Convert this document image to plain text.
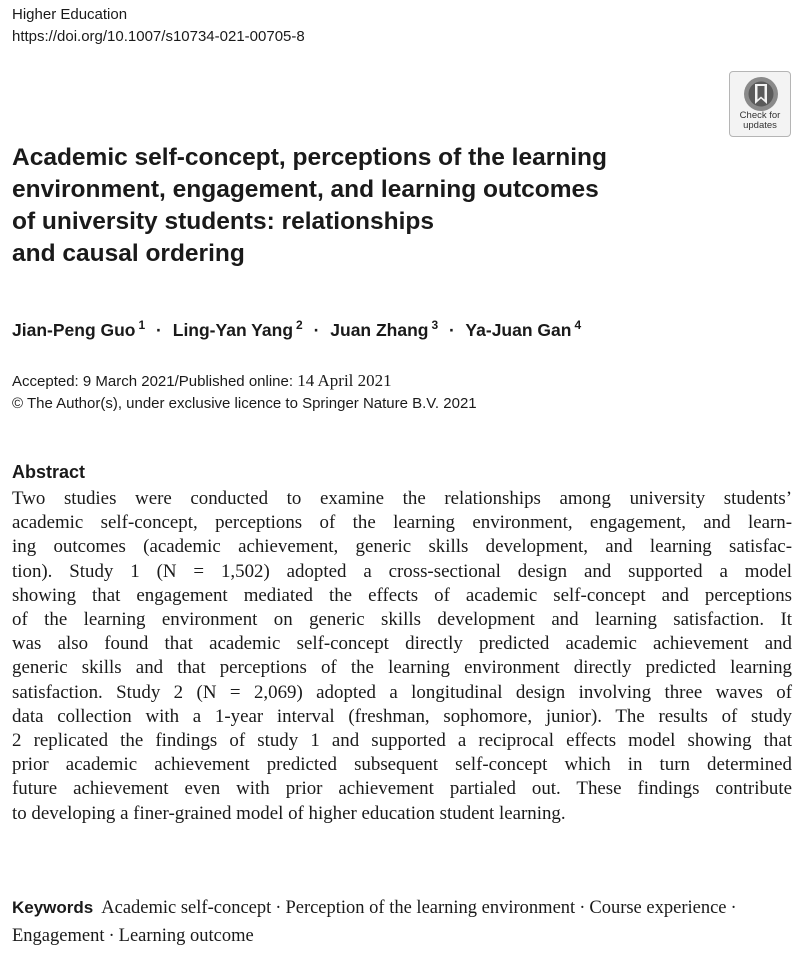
Higher Education
https://doi.org/10.1007/s10734-021-00705-8
Check for
updates
Academic self-concept, perceptions of the learning
environment, engagement, and learning outcomes
of university students: relationships
and causal ordering
Jian-Peng Guo $^1$ · Ling-Yan Yang $^2$ · Juan Zhang $^3$ · Ya-Juan Gan $^4$
Accepted: 9 March 2021/Published online: 14 April 2021
© The Author(s), under exclusive licence to Springer Nature B.V. 2021
Abstract
Two studies were conducted to examine the relationships among university students’
academic self-concept, perceptions of the learning environment, engagement, and learn-
ing outcomes (academic achievement, generic skills development, and learning satisfac-
tion). Study 1 (N = 1,502) adopted a cross-sectional design and supported a model
showing that engagement mediated the effects of academic self-concept and perceptions
of the learning environment on generic skills development and learning satisfaction. It
was also found that academic self-concept directly predicted academic achievement and
generic skills and that perceptions of the learning environment directly predicted learning
satisfaction. Study 2 (N = 2,069) adopted a longitudinal design involving three waves of
data collection with a 1-year interval (freshman, sophomore, junior). The results of study
2 replicated the findings of study 1 and supported a reciprocal effects model showing that
prior academic achievement predicted subsequent self-concept which in turn determined
future achievement even with prior achievement partialed out. These findings contribute
to developing a finer-grained model of higher education student learning.
Keywords Academic self-concept · Perception of the learning environment · Course experience ·
Engagement · Learning outcome
